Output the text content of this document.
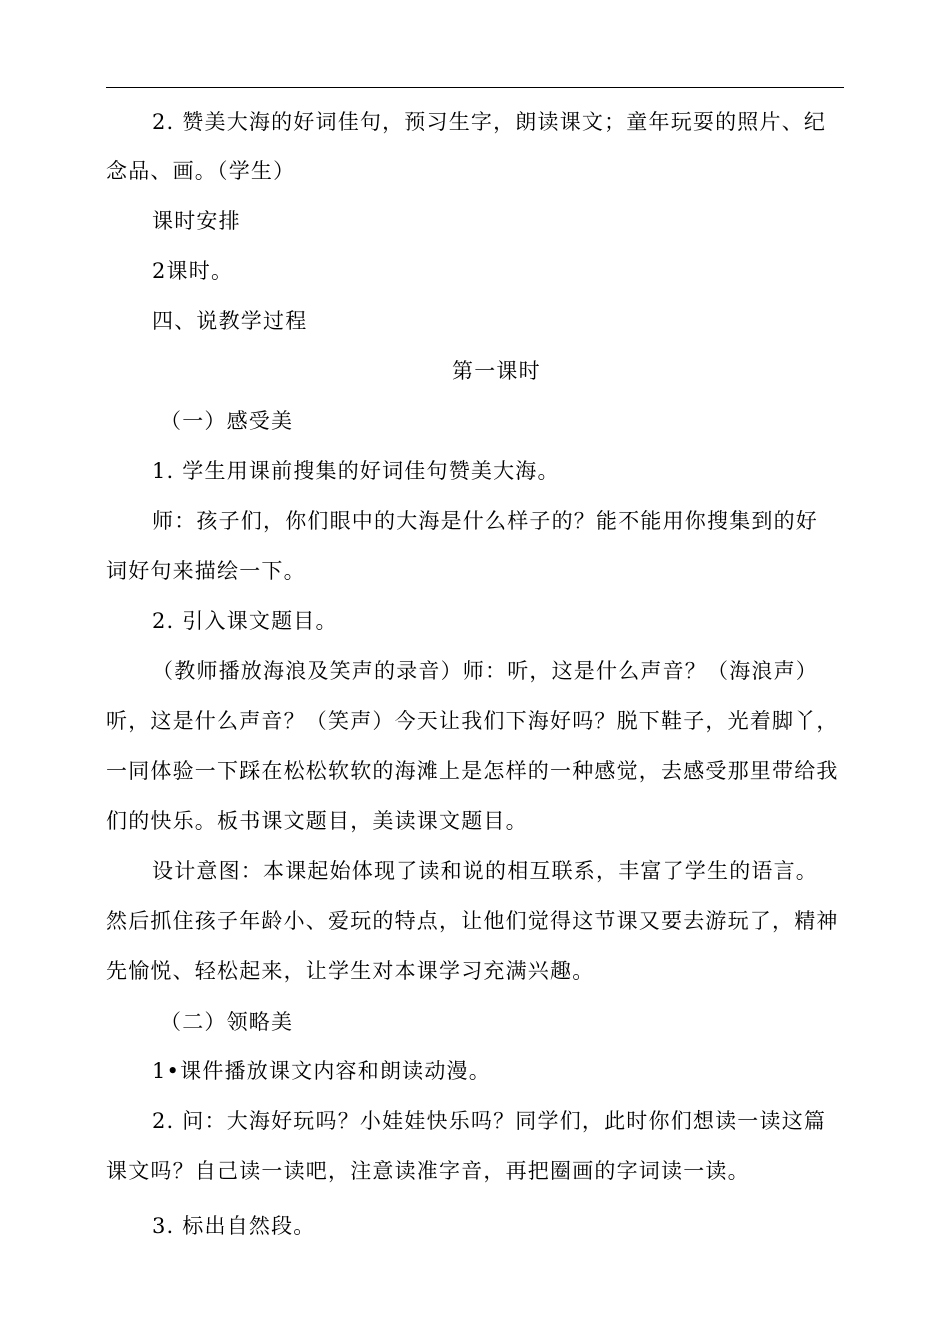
2. 赞美大海的好词佳句，预习生字，朗读课文；童年玩耍的照片、纪
念品、画。（学生）
课时安排
2课时。
四、说教学过程
第一课时
（一）感受美
1. 学生用课前搜集的好词佳句赞美大海。
师：孩子们，你们眼中的大海是什么样子的？能不能用你搜集到的好
词好句来描绘一下。
2. 引入课文题目。
（教师播放海浪及笑声的录音）师：听，这是什么声音？（海浪声）
听，这是什么声音？（笑声）今天让我们下海好吗？脱下鞋子，光着脚丫，
一同体验一下踩在松松软软的海滩上是怎样的一种感觉，去感受那里带给我
们的快乐。板书课文题目，美读课文题目。
设计意图：本课起始体现了读和说的相互联系，丰富了学生的语言。
然后抓住孩子年龄小、爱玩的特点，让他们觉得这节课又要去游玩了，精神
先愉悦、轻松起来，让学生对本课学习充满兴趣。
（二）领略美
1•课件播放课文内容和朗读动漫。
2. 问：大海好玩吗？小娃娃快乐吗？同学们，此时你们想读一读这篇
课文吗？自己读一读吧，注意读准字音，再把圈画的字词读一读。
3. 标出自然段。
